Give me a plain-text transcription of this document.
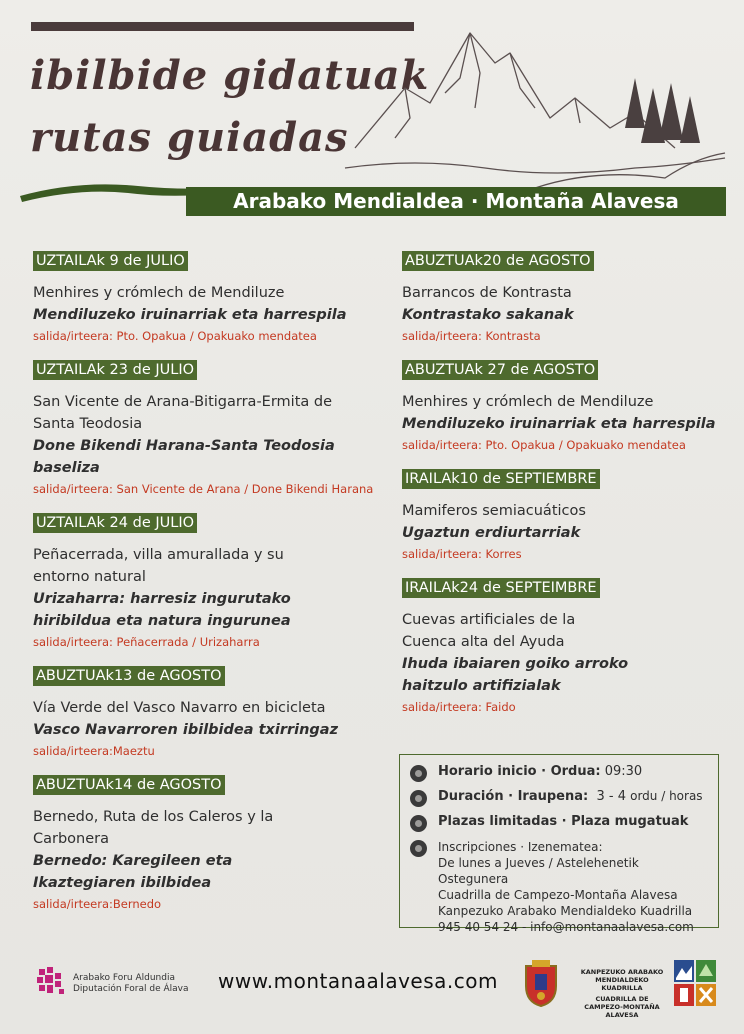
ibilbide gidatuak
rutas guiadas
Arabako Mendialdea · Montaña Alavesa
UZTAILAk 9 de JULIO
Menhires y crómlech de Mendiluze
Mendiluzeko iruinarriak eta harrespila
salida/irteera: Pto. Opakua / Opakuako mendatea
UZTAILAk 23 de JULIO
San Vicente de Arana-Bitigarra-Ermita de Santa Teodosia
Done Bikendi Harana-Santa Teodosia baseliza
salida/irteera: San Vicente de Arana / Done Bikendi Harana
UZTAILAk 24 de JULIO
Peñacerrada, villa amurallada y su entorno natural
Urizaharra: harresiz ingurutako hiribildua eta natura ingurunea
salida/irteera: Peñacerrada / Urizaharra
ABUZTUAk13 de AGOSTO
Vía Verde del Vasco Navarro en bicicleta
Vasco Navarroren ibilbidea txirringaz
salida/irteera:Maeztu
ABUZTUAk14 de AGOSTO
Bernedo, Ruta de los Caleros y la Carbonera
Bernedo: Karegileen eta Ikaztegiaren ibilbidea
salida/irteera:Bernedo
ABUZTUAk20 de AGOSTO
Barrancos de Kontrasta
Kontrastako sakanak
salida/irteera: Kontrasta
ABUZTUAk 27 de AGOSTO
Menhires y crómlech de Mendiluze
Mendiluzeko iruinarriak eta harrespila
salida/irteera: Pto. Opakua / Opakuako mendatea
IRAILAk10 de SEPTIEMBRE
Mamiferos semiacuáticos
Ugaztun erdiurtarriak
salida/irteera: Korres
IRAILAk24 de SEPTEIMBRE
Cuevas artificiales de la Cuenca alta del Ayuda
Ihuda ibaiaren goiko arroko haitzulo artifizialak
salida/irteera: Faido
Horario inicio · Ordua: 09:30
Duración · Iraupena: 3 - 4 ordu / horas
Plazas limitadas · Plaza mugatuak
Inscripciones · Izenematea:
De lunes a Jueves / Astelehenetik Ostegunera
Cuadrilla de Campezo-Montaña Alavesa
Kanpezuko Arabako Mendialdeko Kuadrilla
945 40 54 24 - info@montanaalavesa.com
Arabako Foru Aldundia
Diputación Foral de Álava www.montanaalavesa.com	KANPEZUKO ARABAKO
MENDIALDEKO KUADRILLA
CUADRILLA DE
CAMPEZO-MONTAÑA ALAVESA
